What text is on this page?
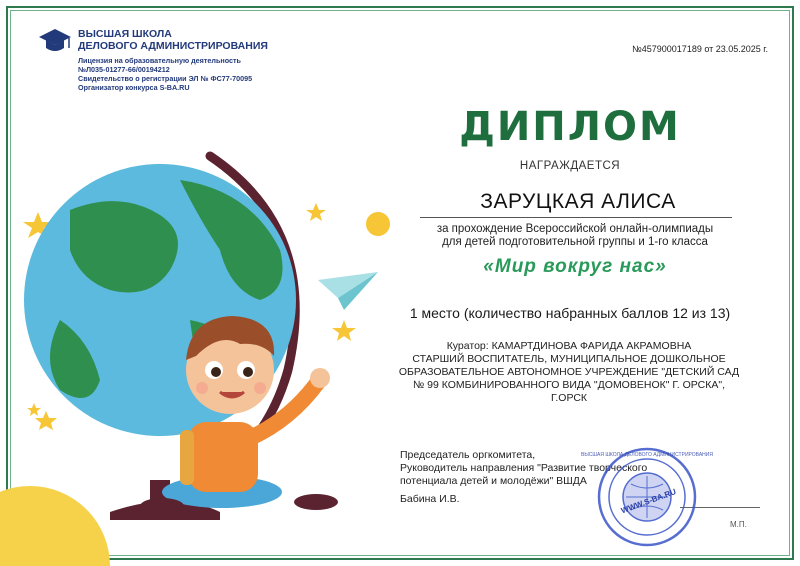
ВЫСШАЯ ШКОЛА
ДЕЛОВОГО АДМИНИСТРИРОВАНИЯ
Лицензия на образовательную деятельность
№Л035-01277-66/00194212
Свидетельство о регистрации ЭЛ № ФС77-70095
Организатор конкурса S-BA.RU
№457900017189 от 23.05.2025 г.
ДИПЛОМ
НАГРАЖДАЕТСЯ
ЗАРУЦКАЯ АЛИСА
за прохождение Всероссийской онлайн-олимпиады
для детей подготовительной группы и 1-го класса
«Мир вокруг нас»
1 место (количество набранных баллов 12 из 13)
Куратор: КАМАРТДИНОВА ФАРИДА АКРАМОВНА
СТАРШИЙ ВОСПИТАТЕЛЬ, МУНИЦИПАЛЬНОЕ ДОШКОЛЬНОЕ
ОБРАЗОВАТЕЛЬНОЕ АВТОНОМНОЕ УЧРЕЖДЕНИЕ "ДЕТСКИЙ САД
№ 99 КОМБИНИРОВАННОГО ВИДА "ДОМОВЕНОК" Г. ОРСКА",
Г.ОРСК
Председатель оргкомитета,
Руководитель направления "Развитие творческого
потенциала детей и молодёжи" ВШДА
Бабина И.В.
М.П.
WWW.S-BA.RU
ВЫСШАЯ ШКОЛА ДЕЛОВОГО АДМИНИСТРИРОВАНИЯ
